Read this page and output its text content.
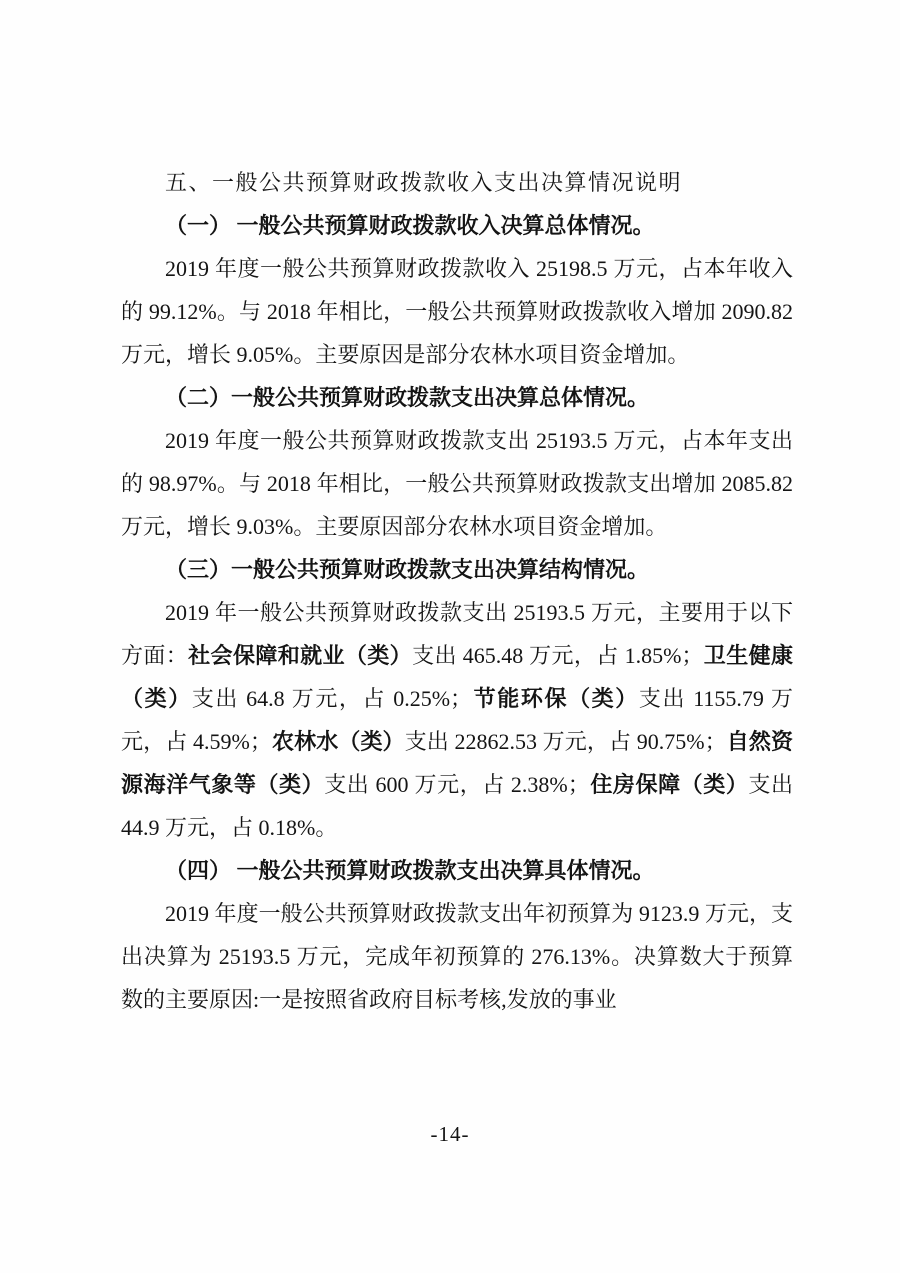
五、一般公共预算财政拨款收入支出决算情况说明
（一） 一般公共预算财政拨款收入决算总体情况。

2019 年度一般公共预算财政拨款收入 25198.5 万元，占本年收入的 99.12%。与 2018 年相比，一般公共预算财政拨款收入增加 2090.82 万元，增长 9.05%。主要原因是部分农林水项目资金增加。

（二）一般公共预算财政拨款支出决算总体情况。

2019 年度一般公共预算财政拨款支出 25193.5 万元，占本年支出的 98.97%。与 2018 年相比，一般公共预算财政拨款支出增加 2085.82 万元，增长 9.03%。主要原因部分农林水项目资金增加。

（三）一般公共预算财政拨款支出决算结构情况。

2019 年一般公共预算财政拨款支出 25193.5 万元，主要用于以下方面：社会保障和就业（类）支出 465.48 万元，占 1.85%；卫生健康（类）支出 64.8 万元，占 0.25%；节能环保（类）支出 1155.79 万元，占 4.59%；农林水（类）支出 22862.53 万元，占 90.75%；自然资源海洋气象等（类）支出 600 万元，占 2.38%；住房保障（类）支出 44.9 万元，占 0.18%。

（四） 一般公共预算财政拨款支出决算具体情况。

2019 年度一般公共预算财政拨款支出年初预算为 9123.9 万元，支出决算为 25193.5 万元，完成年初预算的 276.13%。决算数大于预算数的主要原因:一是按照省政府目标考核,发放的事业

-14-
